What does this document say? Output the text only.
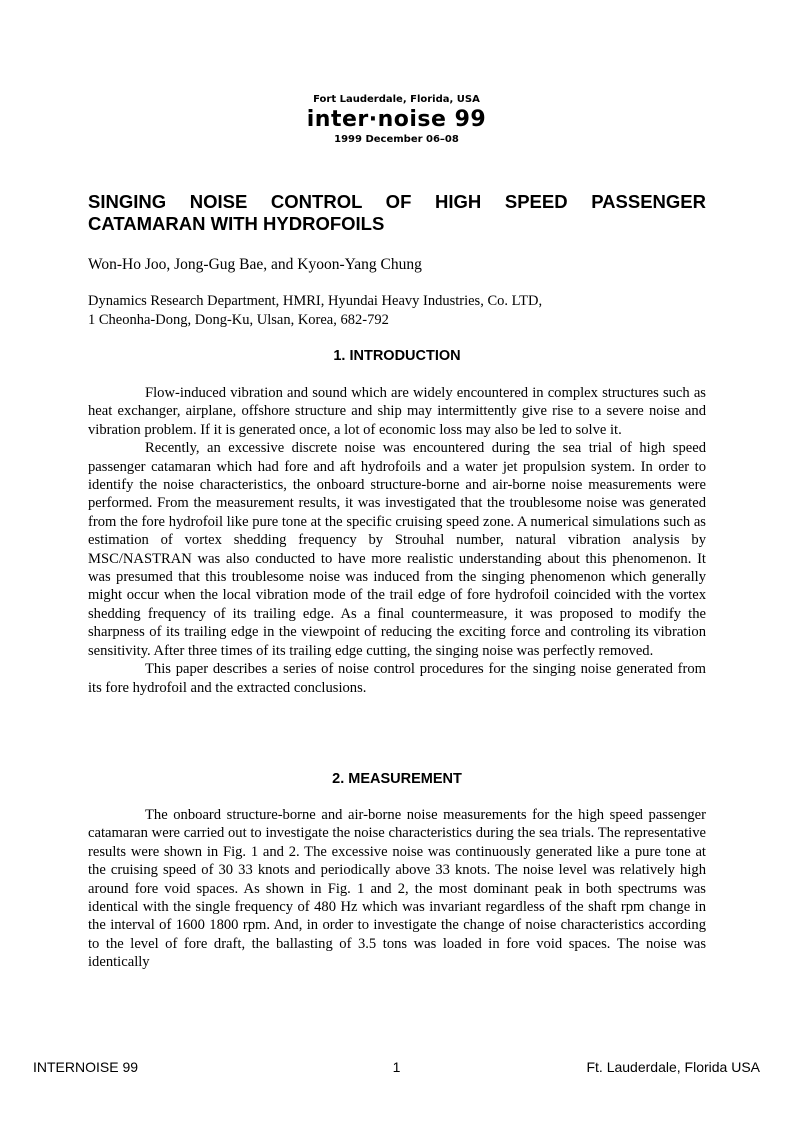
Fort Lauderdale, Florida, USA
inter·noise 99
1999 December 06–08
SINGING NOISE CONTROL OF HIGH SPEED PASSENGER CATAMARAN WITH HYDROFOILS
Won-Ho Joo, Jong-Gug Bae, and Kyoon-Yang Chung
Dynamics Research Department, HMRI, Hyundai Heavy Industries, Co. LTD,
1 Cheonha-Dong, Dong-Ku, Ulsan, Korea, 682-792
1. INTRODUCTION

Flow-induced vibration and sound which are widely encountered in complex structures such as heat exchanger, airplane, offshore structure and ship may intermittently give rise to a severe noise and vibration problem. If it is generated once, a lot of economic loss may also be led to solve it.

Recently, an excessive discrete noise was encountered during the sea trial of high speed passenger catamaran which had fore and aft hydrofoils and a water jet propulsion system. In order to identify the noise characteristics, the onboard structure-borne and air-borne noise measurements were performed. From the measurement results, it was investigated that the troublesome noise was generated from the fore hydrofoil like pure tone at the specific cruising speed zone. A numerical simulations such as estimation of vortex shedding frequency by Strouhal number, natural vibration analysis by MSC/NASTRAN was also conducted to have more realistic understanding about this phenomenon. It was presumed that this troublesome noise was induced from the singing phenomenon which generally might occur when the local vibration mode of the trail edge of fore hydrofoil coincided with the vortex shedding frequency of its trailing edge. As a final countermeasure, it was proposed to modify the sharpness of its trailing edge in the viewpoint of reducing the exciting force and controling its vibration sensitivity. After three times of its trailing edge cutting, the singing noise was perfectly removed.

This paper describes a series of noise control procedures for the singing noise generated from its fore hydrofoil and the extracted conclusions.

2. MEASUREMENT

The onboard structure-borne and air-borne noise measurements for the high speed passenger catamaran were carried out to investigate the noise characteristics during the sea trials. The representative results were shown in Fig. 1 and 2. The excessive noise was continuously generated like a pure tone at the cruising speed of 30 33 knots and periodically above 33 knots. The noise level was relatively high around fore void spaces. As shown in Fig. 1 and 2, the most dominant peak in both spectrums was identical with the single frequency of 480 Hz which was invariant regardless of the shaft rpm change in the interval of 1600 1800 rpm. And, in order to investigate the change of noise characteristics according to the level of fore draft, the ballasting of 3.5 tons was loaded in fore void spaces. The noise was identically

INTERNOISE 99	1	Ft. Lauderdale, Florida USA
